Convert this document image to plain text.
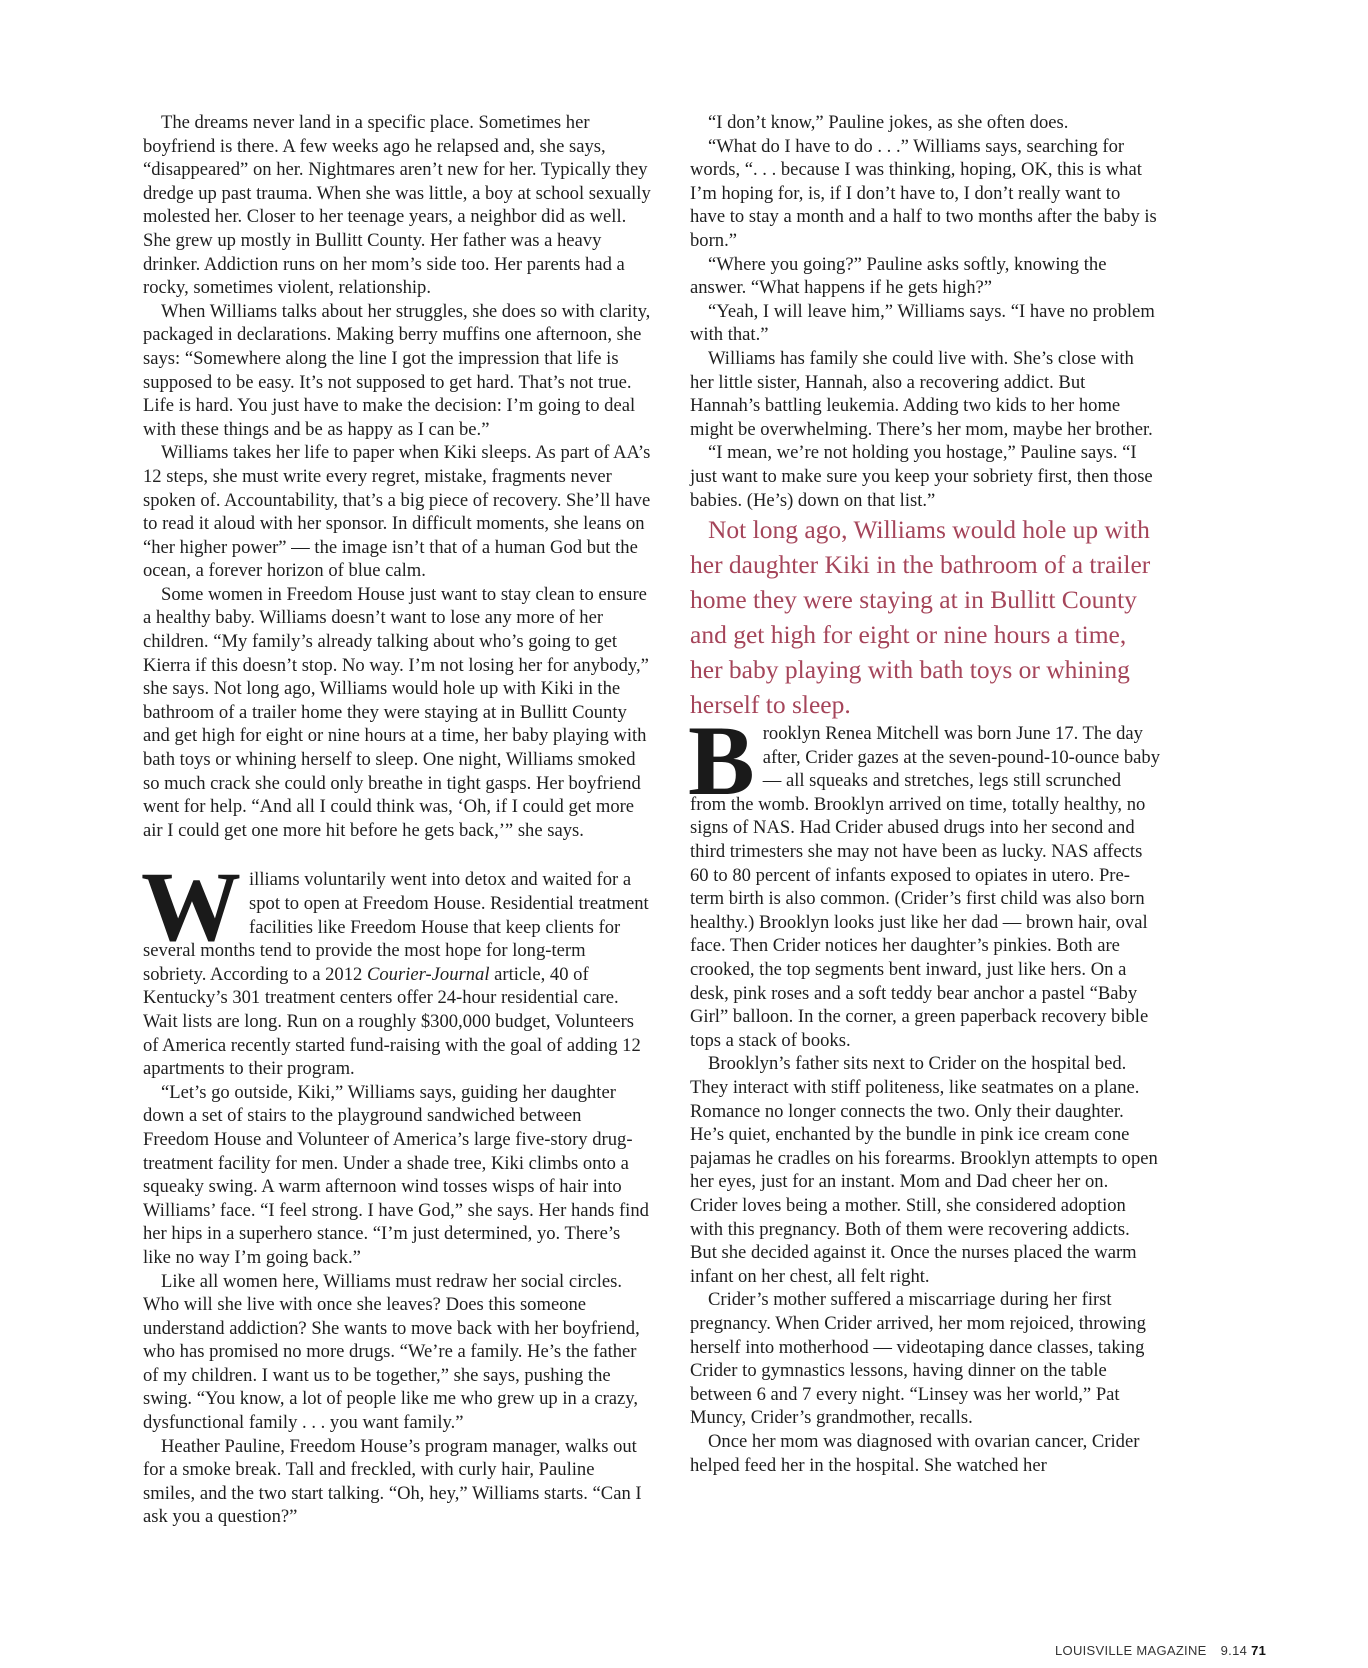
The dreams never land in a specific place. Sometimes her boyfriend is there. A few weeks ago he relapsed and, she says, “disappeared” on her. Nightmares aren’t new for her. Typically they dredge up past trauma. When she was little, a boy at school sexually molested her. Closer to her teenage years, a neighbor did as well. She grew up mostly in Bullitt County. Her father was a heavy drinker. Addiction runs on her mom’s side too. Her parents had a rocky, sometimes violent, relationship.

When Williams talks about her struggles, she does so with clarity, packaged in declarations. Making berry muffins one afternoon, she says: “Somewhere along the line I got the impression that life is supposed to be easy. It’s not supposed to get hard. That’s not true. Life is hard. You just have to make the decision: I’m going to deal with these things and be as happy as I can be.”

Williams takes her life to paper when Kiki sleeps. As part of AA’s 12 steps, she must write every regret, mistake, fragments never spoken of. Accountability, that’s a big piece of recovery. She’ll have to read it aloud with her sponsor. In difficult moments, she leans on “her higher power” — the image isn’t that of a human God but the ocean, a forever horizon of blue calm.

Some women in Freedom House just want to stay clean to ensure a healthy baby. Williams doesn’t want to lose any more of her children. “My family’s already talking about who’s going to get Kierra if this doesn’t stop. No way. I’m not losing her for anybody,” she says. Not long ago, Williams would hole up with Kiki in the bathroom of a trailer home they were staying at in Bullitt County and get high for eight or nine hours at a time, her baby playing with bath toys or whining herself to sleep. One night, Williams smoked so much crack she could only breathe in tight gasps. Her boyfriend went for help. “And all I could think was, ‘Oh, if I could get more air I could get one more hit before he gets back,’” she says.

Williams voluntarily went into detox and waited for a spot to open at Freedom House. Residential treatment facilities like Freedom House that keep clients for several months tend to provide the most hope for long-term sobriety. According to a 2012 Courier-Journal article, 40 of Kentucky’s 301 treatment centers offer 24-hour residential care. Wait lists are long. Run on a roughly $300,000 budget, Volunteers of America recently started fund-raising with the goal of adding 12 apartments to their program.

“Let’s go outside, Kiki,” Williams says, guiding her daughter down a set of stairs to the playground sandwiched between Freedom House and Volunteer of America’s large five-story drug-treatment facility for men. Under a shade tree, Kiki climbs onto a squeaky swing. A warm afternoon wind tosses wisps of hair into Williams’ face. “I feel strong. I have God,” she says. Her hands find her hips in a superhero stance. “I’m just determined, yo. There’s like no way I’m going back.”

Like all women here, Williams must redraw her social circles. Who will she live with once she leaves? Does this someone understand addiction? She wants to move back with her boyfriend, who has promised no more drugs. “We’re a family. He’s the father of my children. I want us to be together,” she says, pushing the swing. “You know, a lot of people like me who grew up in a crazy, dysfunctional family . . . you want family.”

Heather Pauline, Freedom House’s program manager, walks out for a smoke break. Tall and freckled, with curly hair, Pauline smiles, and the two start talking. “Oh, hey,” Williams starts. “Can I ask you a question?”

“I don’t know,” Pauline jokes, as she often does.

“What do I have to do . . .” Williams says, searching for words, “. . . because I was thinking, hoping, OK, this is what I’m hoping for, is, if I don’t have to, I don’t really want to have to stay a month and a half to two months after the baby is born.”

“Where you going?” Pauline asks softly, knowing the answer. “What happens if he gets high?”

“Yeah, I will leave him,” Williams says. “I have no problem with that.”

Williams has family she could live with. She’s close with her little sister, Hannah, also a recovering addict. But Hannah’s battling leukemia. Adding two kids to her home might be overwhelming. There’s her mom, maybe her brother.

“I mean, we’re not holding you hostage,” Pauline says. “I just want to make sure you keep your sobriety first, then those babies. (He’s) down on that list.”

Not long ago, Williams would hole up with her daughter Kiki in the bathroom of a trailer home they were staying at in Bullitt County and get high for eight or nine hours a time, her baby playing with bath toys or whining herself to sleep.

Brooklyn Renea Mitchell was born June 17. The day after, Crider gazes at the seven-pound-10-ounce baby — all squeaks and stretches, legs still scrunched from the womb. Brooklyn arrived on time, totally healthy, no signs of NAS. Had Crider abused drugs into her second and third trimesters she may not have been as lucky. NAS affects 60 to 80 percent of infants exposed to opiates in utero. Pre-term birth is also common. (Crider’s first child was also born healthy.) Brooklyn looks just like her dad — brown hair, oval face. Then Crider notices her daughter’s pinkies. Both are crooked, the top segments bent inward, just like hers. On a desk, pink roses and a soft teddy bear anchor a pastel “Baby Girl” balloon. In the corner, a green paperback recovery bible tops a stack of books.

Brooklyn’s father sits next to Crider on the hospital bed. They interact with stiff politeness, like seatmates on a plane. Romance no longer connects the two. Only their daughter. He’s quiet, enchanted by the bundle in pink ice cream cone pajamas he cradles on his forearms. Brooklyn attempts to open her eyes, just for an instant. Mom and Dad cheer her on. Crider loves being a mother. Still, she considered adoption with this pregnancy. Both of them were recovering addicts. But she decided against it. Once the nurses placed the warm infant on her chest, all felt right.

Crider’s mother suffered a miscarriage during her first pregnancy. When Crider arrived, her mom rejoiced, throwing herself into motherhood — videotaping dance classes, taking Crider to gymnastics lessons, having dinner on the table between 6 and 7 every night. “Linsey was her world,” Pat Muncy, Crider’s grandmother, recalls.

Once her mom was diagnosed with ovarian cancer, Crider helped feed her in the hospital. She watched her

LOUISVILLE MAGAZINE 9.14 71
